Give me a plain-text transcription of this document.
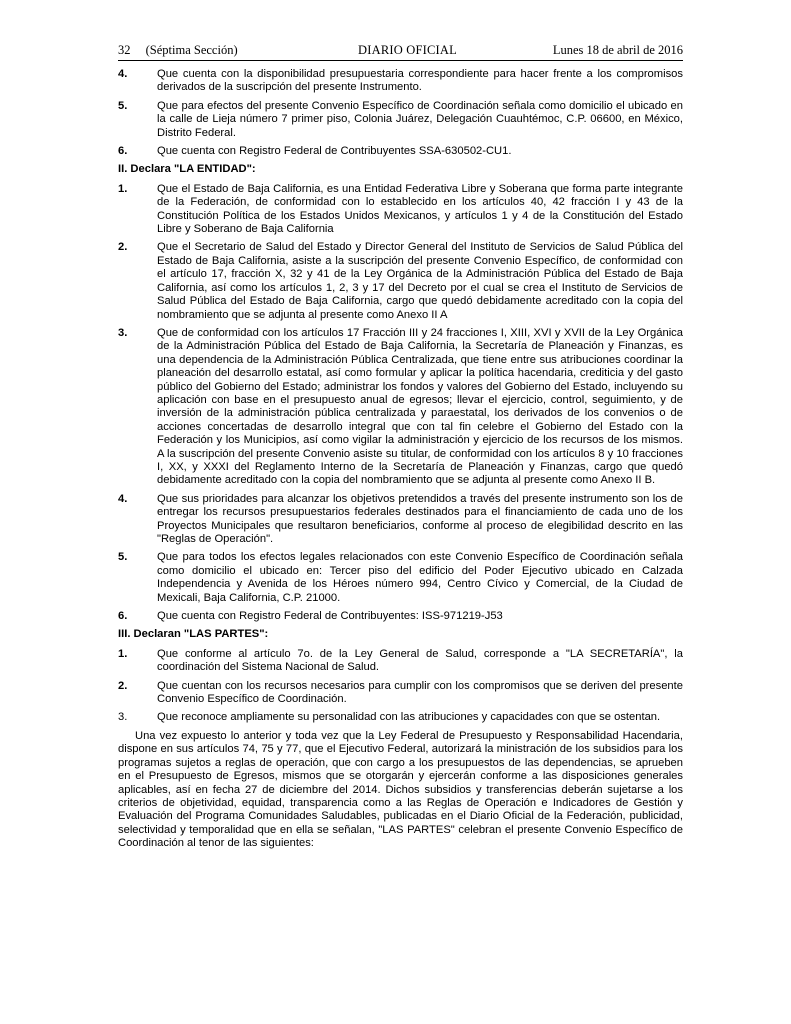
32 (Séptima Sección)	DIARIO OFICIAL	Lunes 18 de abril de 2016
4.	Que cuenta con la disponibilidad presupuestaria correspondiente para hacer frente a los compromisos derivados de la suscripción del presente Instrumento.
5.	Que para efectos del presente Convenio Específico de Coordinación señala como domicilio el ubicado en la calle de Lieja número 7 primer piso, Colonia Juárez, Delegación Cuauhtémoc, C.P. 06600, en México, Distrito Federal.
6.	Que cuenta con Registro Federal de Contribuyentes SSA-630502-CU1.
II. Declara "LA ENTIDAD":
1.	Que el Estado de Baja California, es una Entidad Federativa Libre y Soberana que forma parte integrante de la Federación, de conformidad con lo establecido en los artículos 40, 42 fracción I y 43 de la Constitución Política de los Estados Unidos Mexicanos, y artículos 1 y 4 de la Constitución del Estado Libre y Soberano de Baja California
2.	Que el Secretario de Salud del Estado y Director General del Instituto de Servicios de Salud Pública del Estado de Baja California, asiste a la suscripción del presente Convenio Específico, de conformidad con el artículo 17, fracción X, 32 y 41 de la Ley Orgánica de la Administración Pública del Estado de Baja California, así como los artículos 1, 2, 3 y 17 del Decreto por el cual se crea el Instituto de Servicios de Salud Pública del Estado de Baja California, cargo que quedó debidamente acreditado con la copia del nombramiento que se adjunta al presente como Anexo II A
3.	Que de conformidad con los artículos 17 Fracción III y 24 fracciones I, XIII, XVI y XVII de la Ley Orgánica de la Administración Pública del Estado de Baja California, la Secretaría de Planeación y Finanzas, es una dependencia de la Administración Pública Centralizada, que tiene entre sus atribuciones coordinar la planeación del desarrollo estatal, así como formular y aplicar la política hacendaria, crediticia y del gasto público del Gobierno del Estado; administrar los fondos y valores del Gobierno del Estado, incluyendo su aplicación con base en el presupuesto anual de egresos; llevar el ejercicio, control, seguimiento, y de inversión de la administración pública centralizada y paraestatal, los derivados de los convenios o de acciones concertadas de desarrollo integral que con tal fin celebre el Gobierno del Estado con la Federación y los Municipios, así como vigilar la administración y ejercicio de los recursos de los mismos. A la suscripción del presente Convenio asiste su titular, de conformidad con los artículos 8 y 10 fracciones I, XX, y XXXI del Reglamento Interno de la Secretaría de Planeación y Finanzas, cargo que quedó debidamente acreditado con la copia del nombramiento que se adjunta al presente como Anexo II B.
4.	Que sus prioridades para alcanzar los objetivos pretendidos a través del presente instrumento son los de entregar los recursos presupuestarios federales destinados para el financiamiento de cada uno de los Proyectos Municipales que resultaron beneficiarios, conforme al proceso de elegibilidad descrito en las "Reglas de Operación".
5.	Que para todos los efectos legales relacionados con este Convenio Específico de Coordinación señala como domicilio el ubicado en: Tercer piso del edificio del Poder Ejecutivo ubicado en Calzada Independencia y Avenida de los Héroes número 994, Centro Cívico y Comercial, de la Ciudad de Mexicali, Baja California, C.P. 21000.
6.	Que cuenta con Registro Federal de Contribuyentes: ISS-971219-J53
III. Declaran "LAS PARTES":
1.	Que conforme al artículo 7o. de la Ley General de Salud, corresponde a "LA SECRETARÍA", la coordinación del Sistema Nacional de Salud.
2.	Que cuentan con los recursos necesarios para cumplir con los compromisos que se deriven del presente Convenio Específico de Coordinación.
3.	Que reconoce ampliamente su personalidad con las atribuciones y capacidades con que se ostentan.
Una vez expuesto lo anterior y toda vez que la Ley Federal de Presupuesto y Responsabilidad Hacendaria, dispone en sus artículos 74, 75 y 77, que el Ejecutivo Federal, autorizará la ministración de los subsidios para los programas sujetos a reglas de operación, que con cargo a los presupuestos de las dependencias, se aprueben en el Presupuesto de Egresos, mismos que se otorgarán y ejercerán conforme a las disposiciones generales aplicables, así en fecha 27 de diciembre del 2014. Dichos subsidios y transferencias deberán sujetarse a los criterios de objetividad, equidad, transparencia como a las Reglas de Operación e Indicadores de Gestión y Evaluación del Programa Comunidades Saludables, publicadas en el Diario Oficial de la Federación, publicidad, selectividad y temporalidad que en ella se señalan, "LAS PARTES" celebran el presente Convenio Específico de Coordinación al tenor de las siguientes:
